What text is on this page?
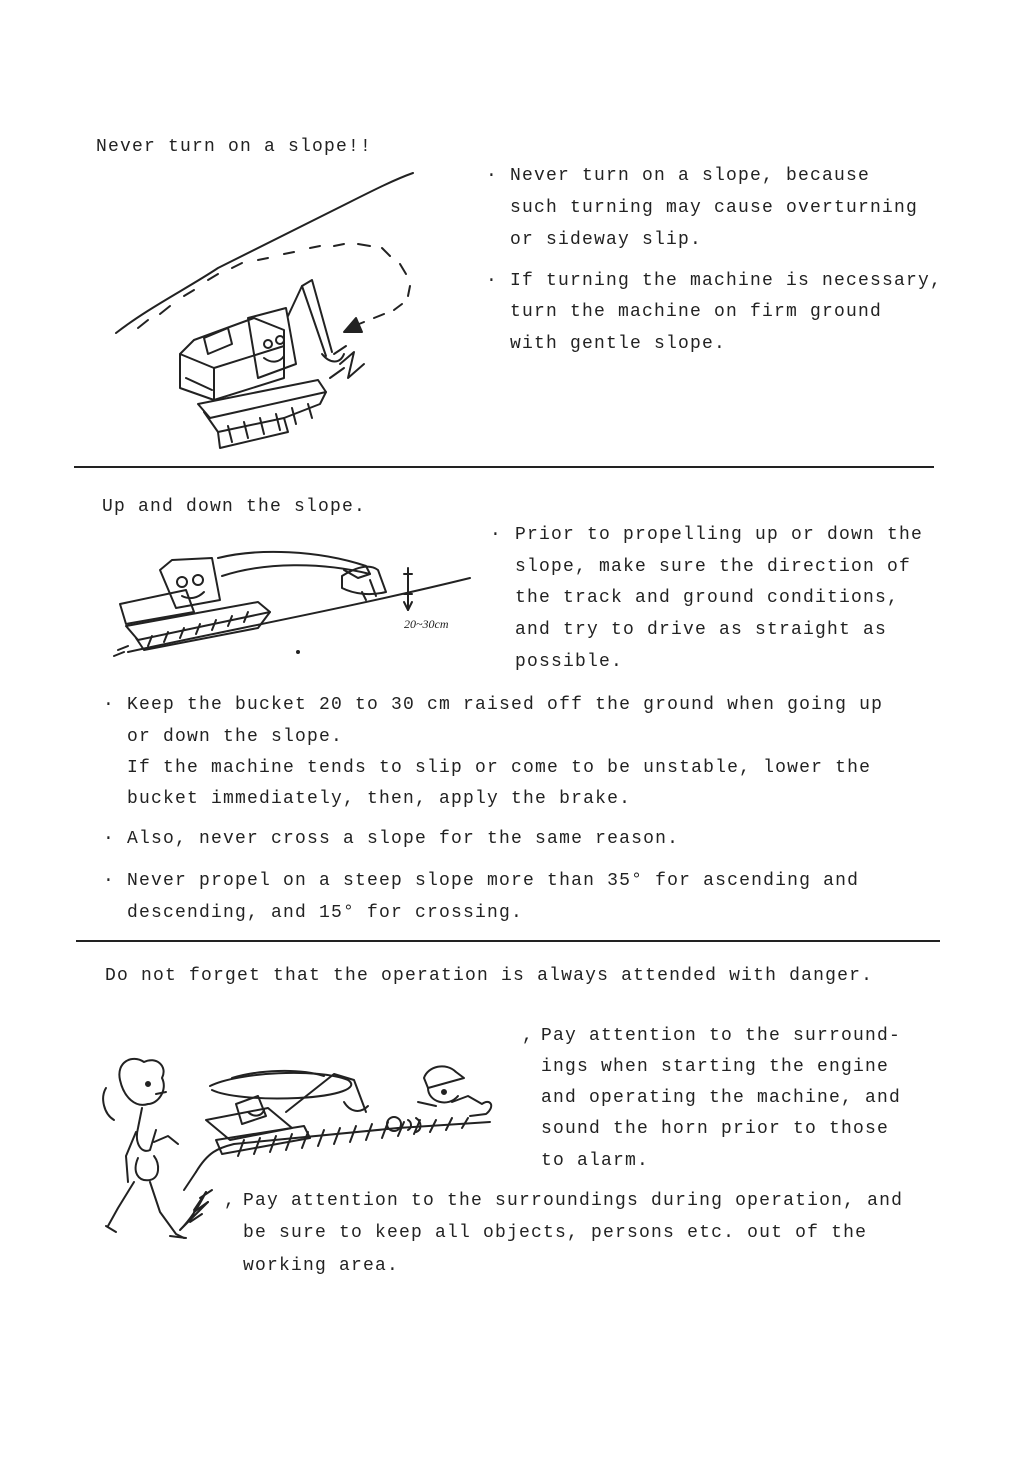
Never turn on a slope!!
· Never turn on a slope, because
such turning may cause overturning
or sideway slip.
· If turning the machine is necessary,
turn the machine on firm ground
with gentle slope.
Up and down the slope.
20~30cm
· Prior to propelling up or down the
slope, make sure the direction of
the track and ground conditions,
and try to drive as straight as
possible.
· Keep the bucket 20 to 30 cm raised off the ground when going up
or down the slope.
If the machine tends to slip or come to be unstable, lower the
bucket immediately, then, apply the brake.
· Also, never cross a slope for the same reason.
· Never propel on a steep slope more than 35° for ascending and
descending, and 15° for crossing.
Do not forget that the operation is always attended with danger.
, Pay attention to the surround-
ings when starting the engine
and operating the machine, and
sound the horn prior to those
to alarm.
, Pay attention to the surroundings during operation, and
be sure to keep all objects, persons etc. out of the
working area.
